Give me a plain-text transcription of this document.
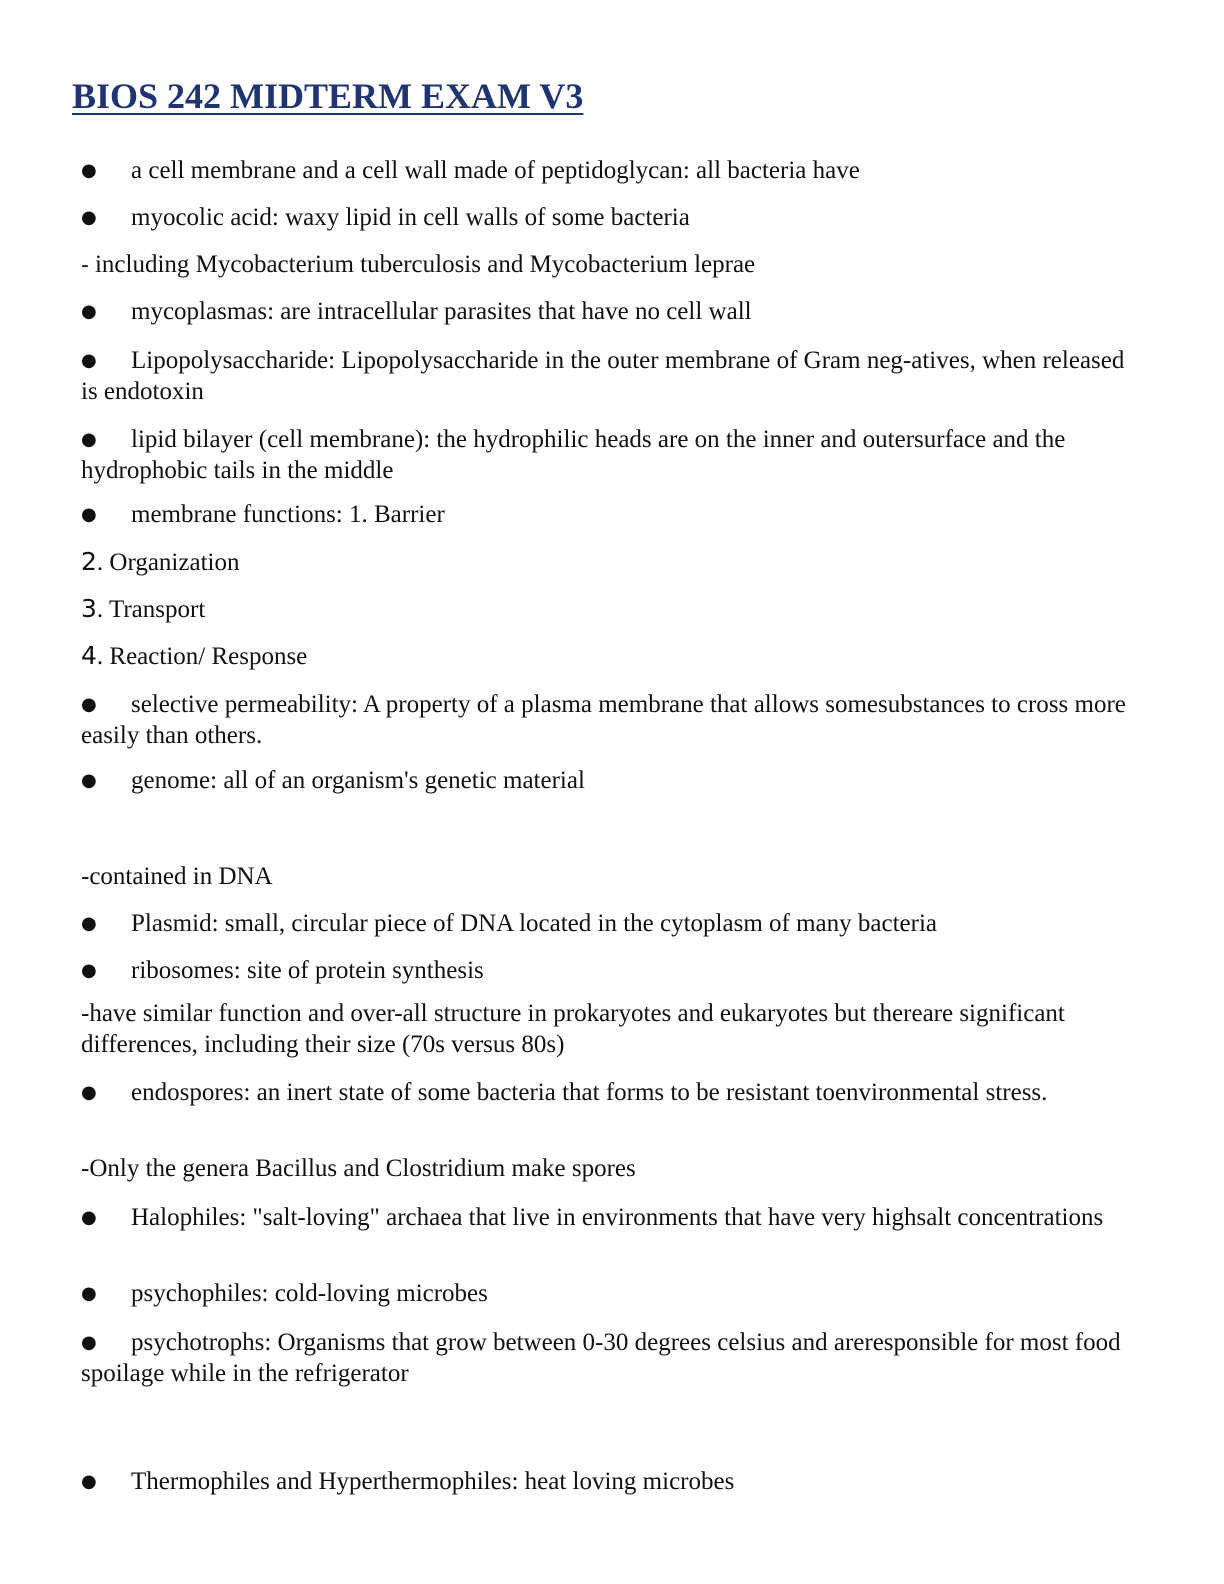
BIOS 242 MIDTERM EXAM V3
● a cell membrane and a cell wall made of peptidoglycan: all bacteria have
● myocolic acid: waxy lipid in cell walls of some bacteria
- including Mycobacterium tuberculosis and Mycobacterium leprae
● mycoplasmas: are intracellular parasites that have no cell wall
● Lipopolysaccharide: Lipopolysaccharide in the outer membrane of Gram neg-atives, when released is endotoxin
● lipid bilayer (cell membrane): the hydrophilic heads are on the inner and outersurface and the hydrophobic tails in the middle
● membrane functions: 1. Barrier
2. Organization
3. Transport
4. Reaction/ Response
● selective permeability: A property of a plasma membrane that allows somesubstances to cross more easily than others.
● genome: all of an organism's genetic material
-contained in DNA
● Plasmid: small, circular piece of DNA located in the cytoplasm of many bacteria
● ribosomes: site of protein synthesis
-have similar function and over-all structure in prokaryotes and eukaryotes but thereare significant differences, including their size (70s versus 80s)
● endospores: an inert state of some bacteria that forms to be resistant toenvironmental stress.
-Only the genera Bacillus and Clostridium make spores
● Halophiles: "salt-loving" archaea that live in environments that have very highsalt concentrations
● psychophiles: cold-loving microbes
● psychotrophs: Organisms that grow between 0-30 degrees celsius and areresponsible for most food spoilage while in the refrigerator
● Thermophiles and Hyperthermophiles: heat loving microbes
